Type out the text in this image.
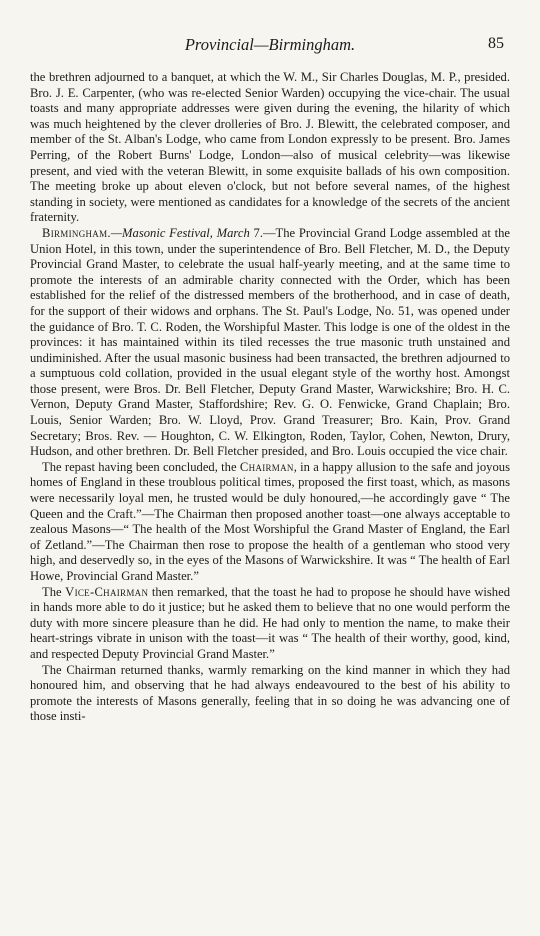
Provincial—Birmingham.	85

the brethren adjourned to a banquet, at which the W. M., Sir Charles Douglas, M. P., presided. Bro. J. E. Carpenter, (who was re-elected Senior Warden) occupying the vice-chair. The usual toasts and many appropriate addresses were given during the evening, the hilarity of which was much heightened by the clever drolleries of Bro. J. Blewitt, the celebrated composer, and member of the St. Alban's Lodge, who came from London expressly to be present. Bro. James Perring, of the Robert Burns' Lodge, London—also of musical celebrity—was likewise present, and vied with the veteran Blewitt, in some exquisite ballads of his own composition. The meeting broke up about eleven o'clock, but not before several names, of the highest standing in society, were mentioned as candidates for a knowledge of the secrets of the ancient fraternity.

Birmingham.—Masonic Festival, March 7.—The Provincial Grand Lodge assembled at the Union Hotel, in this town, under the superintendence of Bro. Bell Fletcher, M. D., the Deputy Provincial Grand Master, to celebrate the usual half-yearly meeting, and at the same time to promote the interests of an admirable charity connected with the Order, which has been established for the relief of the distressed members of the brotherhood, and in case of death, for the support of their widows and orphans. The St. Paul's Lodge, No. 51, was opened under the guidance of Bro. T. C. Roden, the Worshipful Master. This lodge is one of the oldest in the provinces: it has maintained within its tiled recesses the true masonic truth unstained and undiminished. After the usual masonic business had been transacted, the brethren adjourned to a sumptuous cold collation, provided in the usual elegant style of the worthy host. Amongst those present, were Bros. Dr. Bell Fletcher, Deputy Grand Master, Warwickshire; Bro. H. C. Vernon, Deputy Grand Master, Staffordshire; Rev. G. O. Fenwicke, Grand Chaplain; Bro. Louis, Senior Warden; Bro. W. Lloyd, Prov. Grand Treasurer; Bro. Kain, Prov. Grand Secretary; Bros. Rev. — Houghton, C. W. Elkington, Roden, Taylor, Cohen, Newton, Drury, Hudson, and other brethren. Dr. Bell Fletcher presided, and Bro. Louis occupied the vice chair.

The repast having been concluded, the Chairman, in a happy allusion to the safe and joyous homes of England in these troublous political times, proposed the first toast, which, as masons were necessarily loyal men, he trusted would be duly honoured,—he accordingly gave “ The Queen and the Craft.”—The Chairman then proposed another toast—one always acceptable to zealous Masons—“ The health of the Most Worshipful the Grand Master of England, the Earl of Zetland.”—The Chairman then rose to propose the health of a gentleman who stood very high, and deservedly so, in the eyes of the Masons of Warwickshire. It was “ The health of Earl Howe, Provincial Grand Master.”

The Vice-Chairman then remarked, that the toast he had to propose he should have wished in hands more able to do it justice; but he asked them to believe that no one would perform the duty with more sincere pleasure than he did. He had only to mention the name, to make their heart-strings vibrate in unison with the toast—it was “ The health of their worthy, good, kind, and respected Deputy Provincial Grand Master.”

The Chairman returned thanks, warmly remarking on the kind manner in which they had honoured him, and observing that he had always endeavoured to the best of his ability to promote the interests of Masons generally, feeling that in so doing he was advancing one of those insti-
